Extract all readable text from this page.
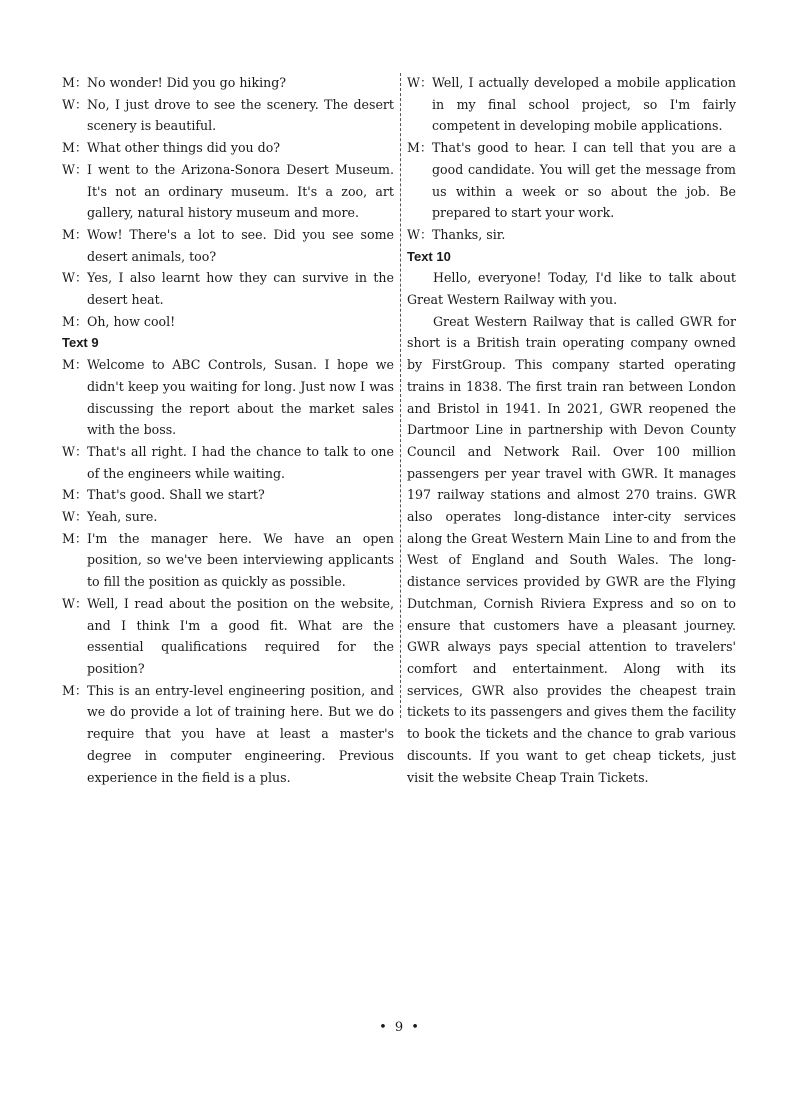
M： No wonder! Did you go hiking?
W： No, I just drove to see the scenery. The desert scenery is beautiful.
M： What other things did you do?
W： I went to the Arizona-Sonora Desert Museum. It's not an ordinary museum. It's a zoo, art gallery, natural history museum and more.
M： Wow! There's a lot to see. Did you see some desert animals, too?
W： Yes, I also learnt how they can survive in the desert heat.
M： Oh, how cool!
Text 9
M： Welcome to ABC Controls, Susan. I hope we didn't keep you waiting for long. Just now I was discussing the report about the market sales with the boss.
W： That's all right. I had the chance to talk to one of the engineers while waiting.
M： That's good. Shall we start?
W： Yeah, sure.
M： I'm the manager here. We have an open position, so we've been interviewing applicants to fill the position as quickly as possible.
W： Well, I read about the position on the website, and I think I'm a good fit. What are the essential qualifications required for the position?
M： This is an entry-level engineering position, and we do provide a lot of training here. But we do require that you have at least a master's degree in computer engineering. Previous experience in the field is a plus.
W： Well, I actually developed a mobile application in my final school project, so I'm fairly competent in developing mobile applications.
M： That's good to hear. I can tell that you are a good candidate. You will get the message from us within a week or so about the job. Be prepared to start your work.
W： Thanks, sir.
Text 10
Hello, everyone! Today, I'd like to talk about Great Western Railway with you.
Great Western Railway that is called GWR for short is a British train operating company owned by FirstGroup. This company started operating trains in 1838. The first train ran between London and Bristol in 1941. In 2021, GWR reopened the Dartmoor Line in partnership with Devon County Council and Network Rail. Over 100 million passengers per year travel with GWR. It manages 197 railway stations and almost 270 trains. GWR also operates long-distance inter-city services along the Great Western Main Line to and from the West of England and South Wales. The long-distance services provided by GWR are the Flying Dutchman, Cornish Riviera Express and so on to ensure that customers have a pleasant journey. GWR always pays special attention to travelers' comfort and entertainment. Along with its services, GWR also provides the cheapest train tickets to its passengers and gives them the facility to book the tickets and the chance to grab various discounts. If you want to get cheap tickets, just visit the website Cheap Train Tickets.
• 9 •
